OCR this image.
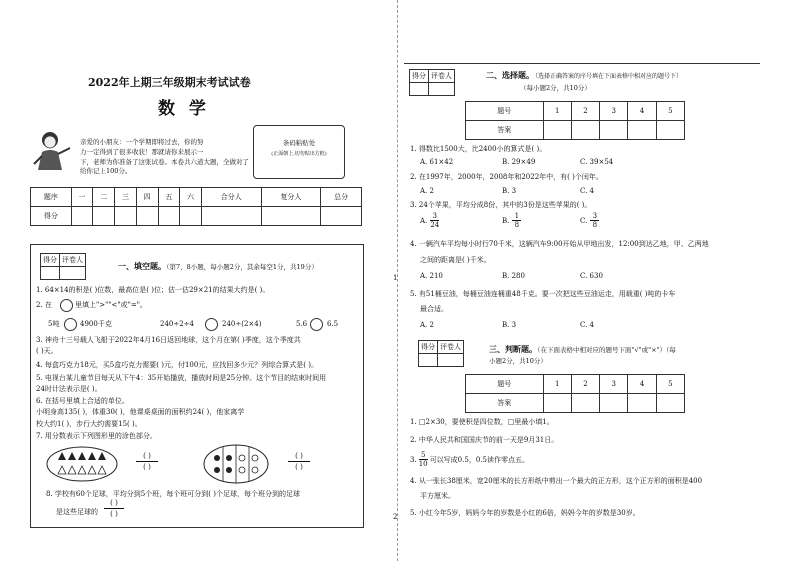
2022年上期三年级期末考试试卷
数 学
亲爱的小朋友：一个学期即将过去，你的努
力一定得到了很多收获！那就请你来展示一
下，老师为你准备了这张试卷。本卷共六道大题，全做对了给你记上100分。
条码粘贴处
(正面朝上,切勿贴出方框)
题序	一	二	三	四	五	六	合分人	复分人	总分
得分									
得分	评卷人

一、填空题。
（第7、8小题，每小题2分，其余每空1分，共19分）
1. 64×14的积是( )位数，最高位是( )位；估一估29×21的结果大约是( )。
2. 在	里填上">""<"或"="。
5吨	4900千克	240÷2÷4	240÷(2×4)	5.6	6.5
3. 神舟十三号载人飞船于2022年4月16日返回地球，这个月在第( )季度，这个季度共
( )天。
4. 每盒巧克力18元，买5盒巧克力需要( )元，付100元，应找回多少元？列综合算式是( )。
5. 电视台某儿童节目每天从下午4：35开始播放，播放时间是25分钟。这个节目的结束时间用
24时计法表示是( )。
6. 在括号里填上合适的单位。
小明身高135( )，体重30( )，他课桌桌面的面积约24( )，他家离学
校大约1( )，步行大约需要15( )。
7. 用分数表示下列图形里的涂色部分。
( )
( )
( )
( )
8. 学校有60个足球，平均分到5个班，每个班可分到( )个足球，每个班分到的足球
是这些足球的
( )
( )
1
2
得分	评卷人
		二、选择题。
（选择正确答案的序号填在下面表格中相对应的题号下）
（每小题2分，共10分）
题号	1	2	3	4	5
答案					
1. 得数比1500大，比2400小的算式是( )。
A. 61×42	B. 29×49	C. 39×54
2. 在1997年，2000年，2008年和2022年中，有( )个闰年。
A. 2	B. 3	C. 4
3. 24个苹果，平均分成8份，其中的3份是这些苹果的( )。
A. $\frac{3}{24}$	B. $\frac{1}{8}$	C. $\frac{3}{8}$
4. 一辆汽车平均每小时行70千米，这辆汽车9:00开始从甲地出发，12:00到达乙地，甲、乙两地
之间的距离是( )千米。
A. 210	B. 280	C. 630
5. 有51桶豆油，每桶豆油连桶重48千克。要一次把这些豆油运走，用载重( )吨的卡车
最合适。
A. 2	B. 3	C. 4
得分	评卷人
		三、判断题。
（在下面表格中相对应的题号下面"√"或"×"）（每
小题2分，共10分）
题号	1	2	3	4	5
答案					
1. □2×30，要使积是四位数，□里最小填1。
2. 中华人民共和国国庆节的前一天是9月31日。
3. $\frac{5}{10}$ 可以写成0.5，0.5读作零点五。
4. 从一张长38厘米，宽20厘米的长方形纸中剪出一个最大的正方形，这个正方形的面积是400
平方厘米。
5. 小红今年5岁，妈妈今年的岁数是小红的6倍，妈妈今年的岁数是30岁。
